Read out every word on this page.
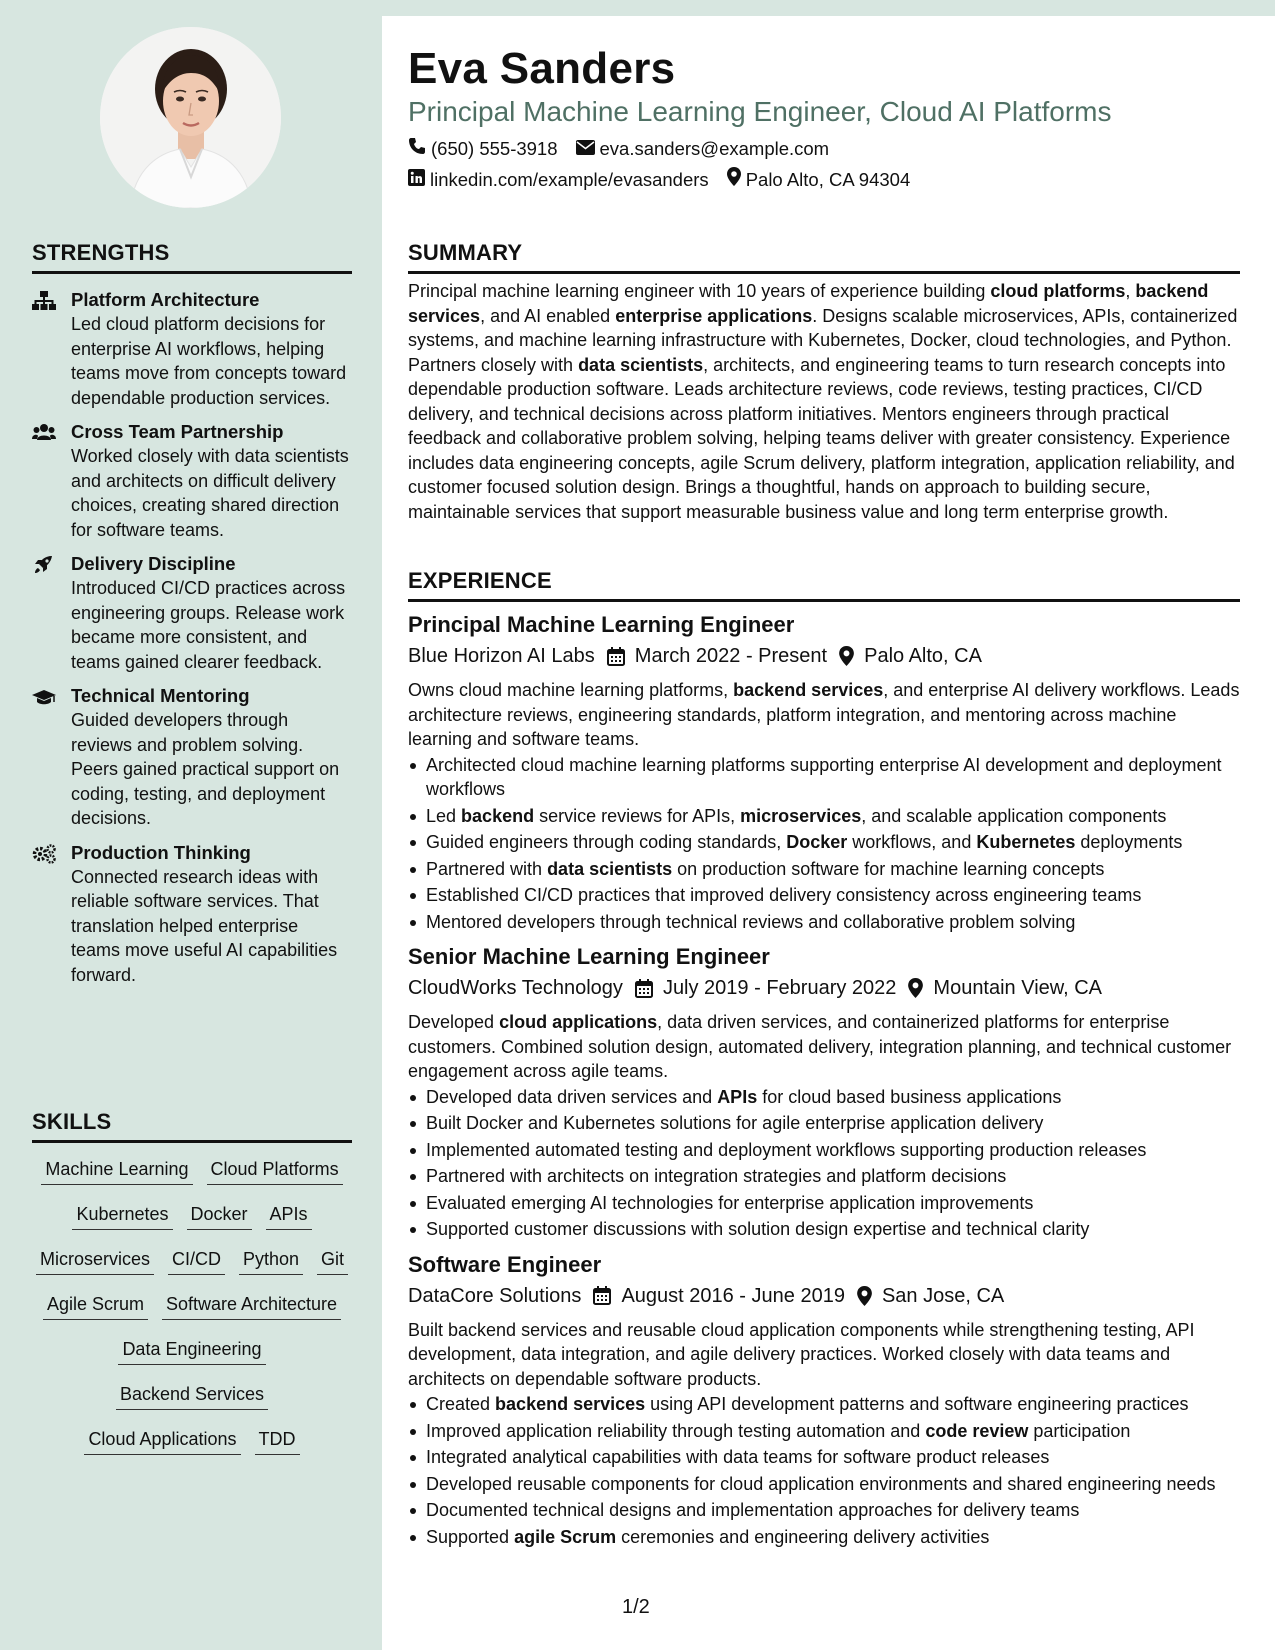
STRENGTHS
Platform Architecture
Led cloud platform decisions for enterprise AI workflows, helping teams move from concepts toward dependable production services.
Cross Team Partnership
Worked closely with data scientists and architects on difficult delivery choices, creating shared direction for software teams.
Delivery Discipline
Introduced CI/CD practices across engineering groups. Release work became more consistent, and teams gained clearer feedback.
Technical Mentoring
Guided developers through reviews and problem solving. Peers gained practical support on coding, testing, and deployment decisions.
Production Thinking
Connected research ideas with reliable software services. That translation helped enterprise teams move useful AI capabilities forward.
SKILLS
Machine Learning Cloud Platforms
Kubernetes Docker APIs
Microservices CI/CD Python Git
Agile Scrum Software Architecture
Data Engineering
Backend Services
Cloud Applications TDD
Eva Sanders
Principal Machine Learning Engineer, Cloud AI Platforms
(650) 555-3918 eva.sanders@example.com
linkedin.com/example/evasanders Palo Alto, CA 94304
SUMMARY
Principal machine learning engineer with 10 years of experience building cloud platforms, backend services, and AI enabled enterprise applications. Designs scalable microservices, APIs, containerized systems, and machine learning infrastructure with Kubernetes, Docker, cloud technologies, and Python. Partners closely with data scientists, architects, and engineering teams to turn research concepts into dependable production software. Leads architecture reviews, code reviews, testing practices, CI/CD delivery, and technical decisions across platform initiatives. Mentors engineers through practical feedback and collaborative problem solving, helping teams deliver with greater consistency. Experience includes data engineering concepts, agile Scrum delivery, platform integration, application reliability, and customer focused solution design. Brings a thoughtful, hands on approach to building secure, maintainable services that support measurable business value and long term enterprise growth.
EXPERIENCE
Principal Machine Learning Engineer
Blue Horizon AI Labs March 2022 - Present Palo Alto, CA
Owns cloud machine learning platforms, backend services, and enterprise AI delivery workflows. Leads architecture reviews, engineering standards, platform integration, and mentoring across machine learning and software teams.
Architected cloud machine learning platforms supporting enterprise AI development and deployment workflows
Led backend service reviews for APIs, microservices, and scalable application components
Guided engineers through coding standards, Docker workflows, and Kubernetes deployments
Partnered with data scientists on production software for machine learning concepts
Established CI/CD practices that improved delivery consistency across engineering teams
Mentored developers through technical reviews and collaborative problem solving
Senior Machine Learning Engineer
CloudWorks Technology July 2019 - February 2022 Mountain View, CA
Developed cloud applications, data driven services, and containerized platforms for enterprise customers. Combined solution design, automated delivery, integration planning, and technical customer engagement across agile teams.
Developed data driven services and APIs for cloud based business applications
Built Docker and Kubernetes solutions for agile enterprise application delivery
Implemented automated testing and deployment workflows supporting production releases
Partnered with architects on integration strategies and platform decisions
Evaluated emerging AI technologies for enterprise application improvements
Supported customer discussions with solution design expertise and technical clarity
Software Engineer
DataCore Solutions August 2016 - June 2019 San Jose, CA
Built backend services and reusable cloud application components while strengthening testing, API development, data integration, and agile delivery practices. Worked closely with data teams and architects on dependable software products.
Created backend services using API development patterns and software engineering practices
Improved application reliability through testing automation and code review participation
Integrated analytical capabilities with data teams for software product releases
Developed reusable components for cloud application environments and shared engineering needs
Documented technical designs and implementation approaches for delivery teams
Supported agile Scrum ceremonies and engineering delivery activities
1/2
